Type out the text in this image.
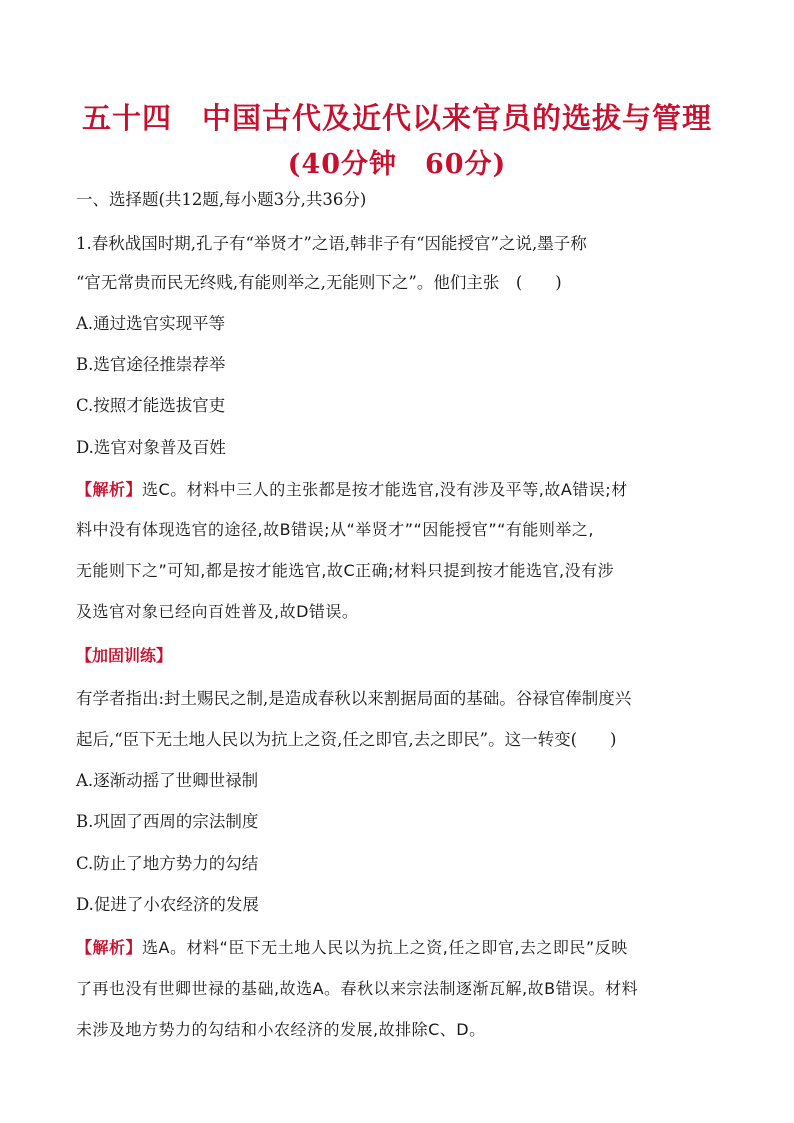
五十四　中国古代及近代以来官员的选拔与管理
(40分钟　60分)
一、选择题(共12题,每小题3分,共36分)
1.春秋战国时期,孔子有“举贤才”之语,韩非子有“因能授官”之说,墨子称
“官无常贵而民无终贱,有能则举之,无能则下之”。他们主张　(　　)
A.通过选官实现平等
B.选官途径推崇荐举
C.按照才能选拔官吏
D.选官对象普及百姓
【解析】选C。材料中三人的主张都是按才能选官,没有涉及平等,故A错误;材
料中没有体现选官的途径,故B错误;从“举贤才”“因能授官”“有能则举之,
无能则下之”可知,都是按才能选官,故C正确;材料只提到按才能选官,没有涉
及选官对象已经向百姓普及,故D错误。
【加固训练】
有学者指出:封土赐民之制,是造成春秋以来割据局面的基础。谷禄官俸制度兴
起后,“臣下无土地人民以为抗上之资,任之即官,去之即民”。这一转变(　　)
A.逐渐动摇了世卿世禄制
B.巩固了西周的宗法制度
C.防止了地方势力的勾结
D.促进了小农经济的发展
【解析】选A。材料“臣下无土地人民以为抗上之资,任之即官,去之即民”反映
了再也没有世卿世禄的基础,故选A。春秋以来宗法制逐渐瓦解,故B错误。材料
未涉及地方势力的勾结和小农经济的发展,故排除C、D。
